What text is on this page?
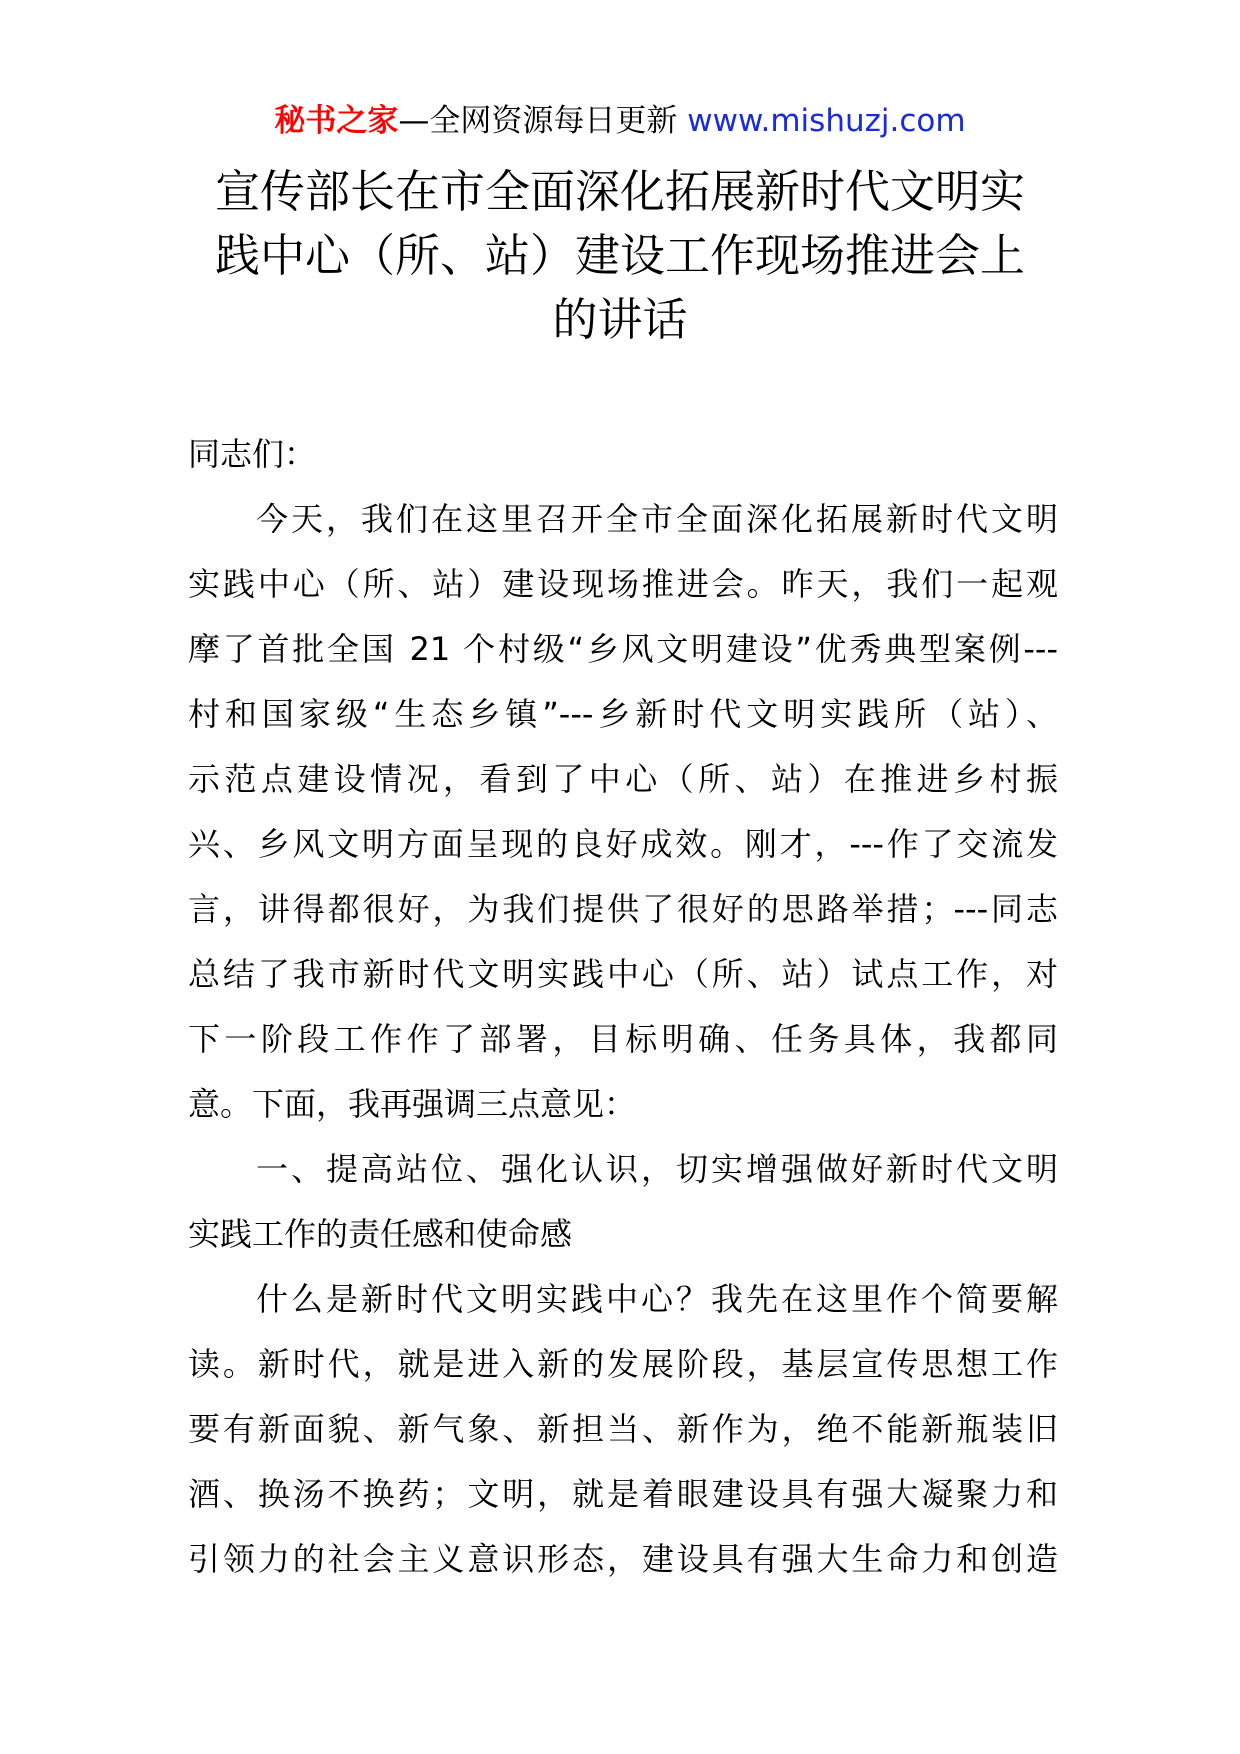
秘书之家—全网资源每日更新 www.mishuzj.com
宣传部长在市全面深化拓展新时代文明实
践中心（所、站）建设工作现场推进会上
的讲话
同志们：
今天，我们在这里召开全市全面深化拓展新时代文明
实践中心（所、站）建设现场推进会。昨天，我们一起观
摩了首批全国 21 个村级“乡风文明建设”优秀典型案例---
村和国家级“生态乡镇”---乡新时代文明实践所（站）、
示范点建设情况，看到了中心（所、站）在推进乡村振
兴、乡风文明方面呈现的良好成效。刚才，---作了交流发
言，讲得都很好，为我们提供了很好的思路举措；---同志
总结了我市新时代文明实践中心（所、站）试点工作，对
下一阶段工作作了部署，目标明确、任务具体，我都同
意。下面，我再强调三点意见：
一、提高站位、强化认识，切实增强做好新时代文明
实践工作的责任感和使命感
什么是新时代文明实践中心？我先在这里作个简要解
读。新时代，就是进入新的发展阶段，基层宣传思想工作
要有新面貌、新气象、新担当、新作为，绝不能新瓶装旧
酒、换汤不换药；文明，就是着眼建设具有强大凝聚力和
引领力的社会主义意识形态，建设具有强大生命力和创造
